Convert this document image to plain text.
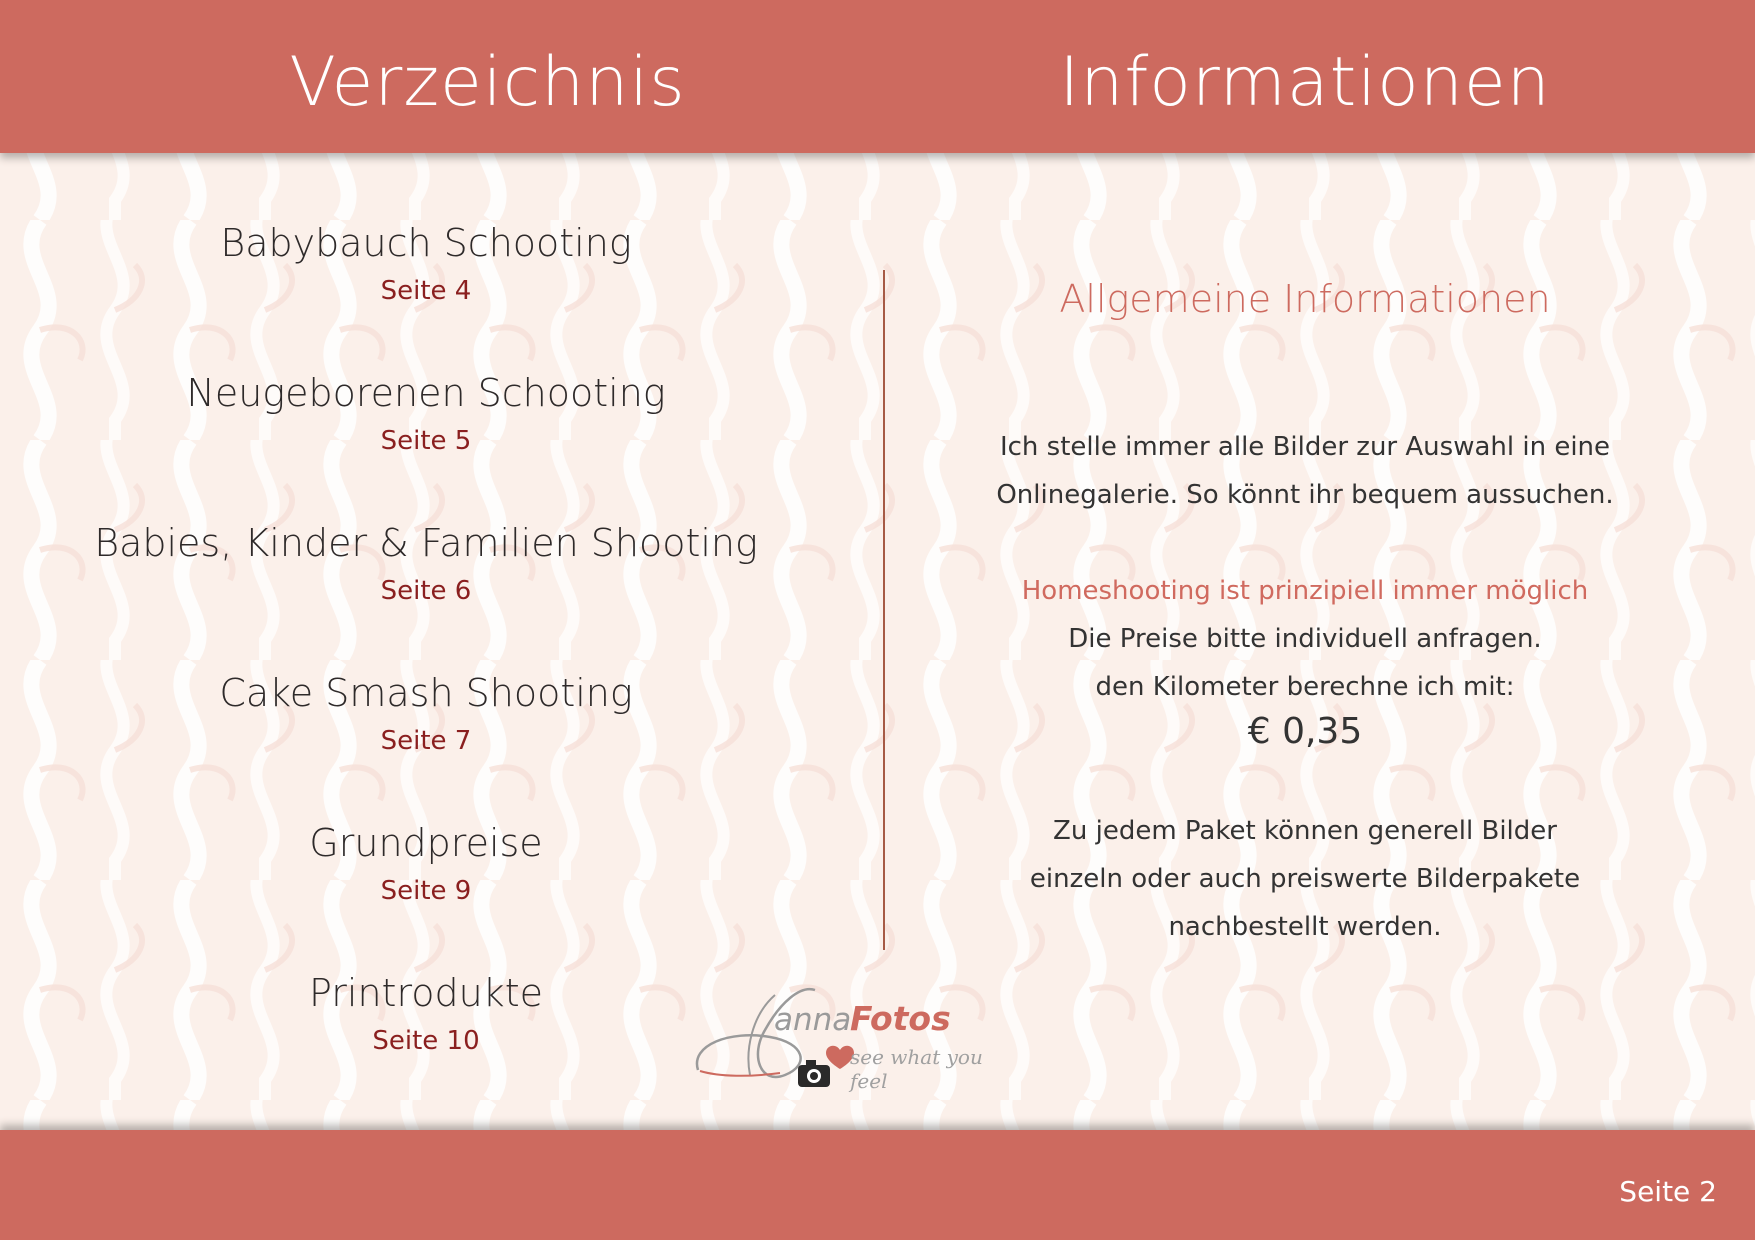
Verzeichnis	Informationen
Babybauch Schooting
Seite 4
Neugeborenen Schooting
Seite 5
Babies, Kinder & Familien Shooting
Seite 6
Cake Smash Shooting
Seite 7
Grundpreise
Seite 9
Printrodukte
Seite 10
Allgemeine Informationen
Ich stelle immer alle Bilder zur Auswahl in eine
Onlinegalerie. So könnt ihr bequem aussuchen.
Homeshooting ist prinzipiell immer möglich
Die Preise bitte individuell anfragen.
den Kilometer berechne ich mit:
€ 0,35
Zu jedem Paket können generell Bilder
einzeln oder auch preiswerte Bilderpakete
nachbestellt werden.
anna
Fotos
see what you feel
Seite 2
